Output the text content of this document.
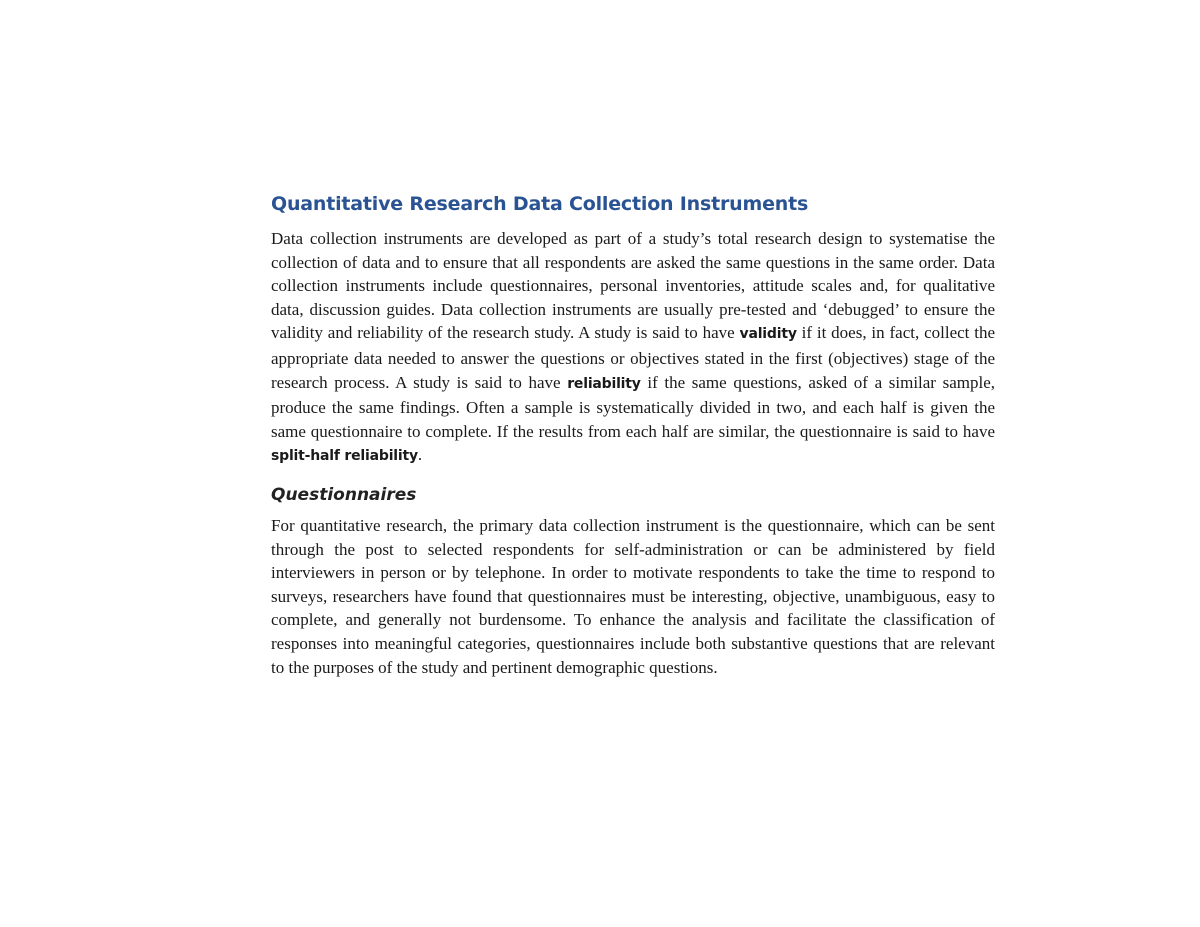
Quantitative Research Data Collection Instruments

Data collection instruments are developed as part of a study’s total research design to systematise the collection of data and to ensure that all respondents are asked the same questions in the same order. Data collection instruments include questionnaires, personal inventories, attitude scales and, for qualitative data, discussion guides. Data collection instruments are usually pre-tested and ‘debugged’ to ensure the validity and reliability of the research study. A study is said to have validity if it does, in fact, collect the appropriate data needed to answer the questions or objectives stated in the first (objectives) stage of the research process. A study is said to have reliability if the same questions, asked of a similar sample, produce the same findings. Often a sample is systematically divided in two, and each half is given the same questionnaire to complete. If the results from each half are similar, the questionnaire is said to have split-half reliability.

Questionnaires

For quantitative research, the primary data collection instrument is the questionnaire, which can be sent through the post to selected respondents for self-administration or can be administered by field interviewers in person or by telephone. In order to motivate respondents to take the time to respond to surveys, researchers have found that questionnaires must be interesting, objective, unambiguous, easy to complete, and generally not burdensome. To enhance the analysis and facilitate the classification of responses into meaningful categories, questionnaires include both substantive questions that are relevant to the purposes of the study and pertinent demographic questions.
